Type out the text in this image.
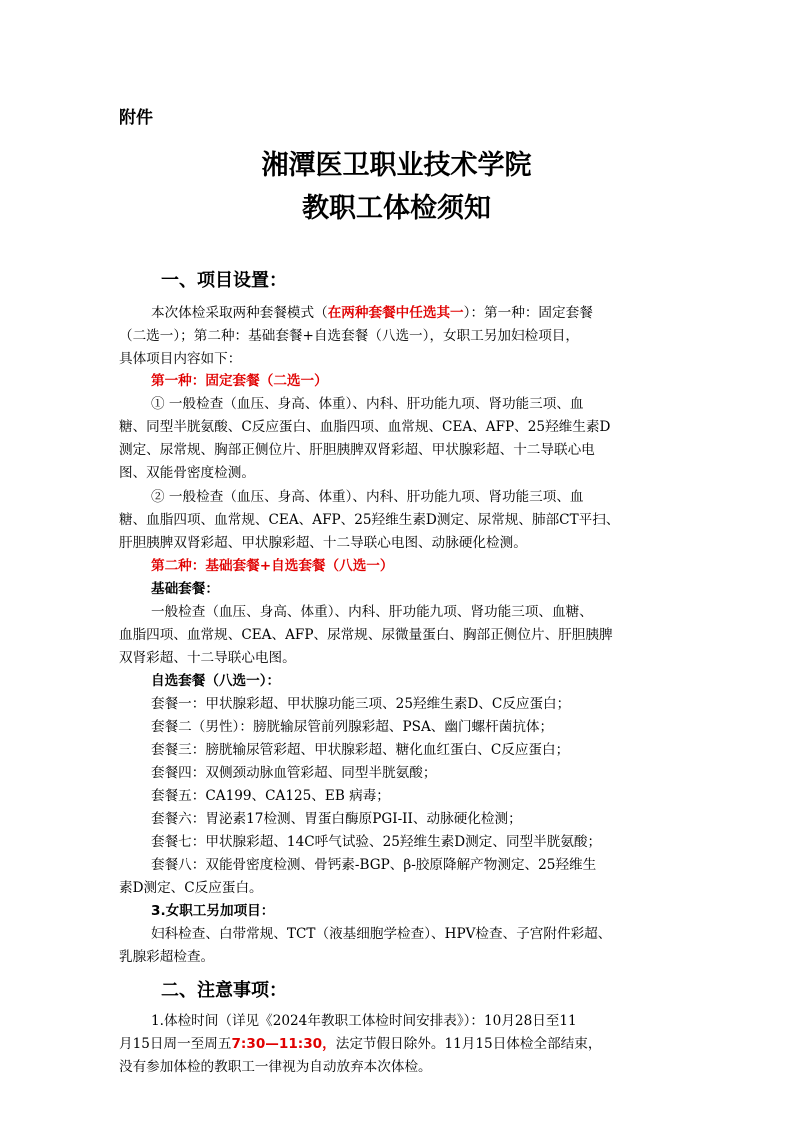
附件
湘潭医卫职业技术学院
教职工体检须知
一、项目设置：
本次体检采取两种套餐模式（在两种套餐中任选其一）：第一种：固定套餐
（二选一）；第二种：基础套餐+自选套餐（八选一），女职工另加妇检项目，
具体项目内容如下：
第一种：固定套餐（二选一）
① 一般检查（血压、身高、体重）、内科、肝功能九项、肾功能三项、血
糖、同型半胱氨酸、C反应蛋白、血脂四项、血常规、CEA、AFP、25羟维生素D
测定、尿常规、胸部正侧位片、肝胆胰脾双肾彩超、甲状腺彩超、十二导联心电
图、双能骨密度检测。
② 一般检查（血压、身高、体重）、内科、肝功能九项、肾功能三项、血
糖、血脂四项、血常规、CEA、AFP、25羟维生素D测定、尿常规、肺部CT平扫、
肝胆胰脾双肾彩超、甲状腺彩超、十二导联心电图、动脉硬化检测。
第二种：基础套餐+自选套餐（八选一）
基础套餐：
一般检查（血压、身高、体重）、内科、肝功能九项、肾功能三项、血糖、
血脂四项、血常规、CEA、AFP、尿常规、尿微量蛋白、胸部正侧位片、肝胆胰脾
双肾彩超、十二导联心电图。
自选套餐（八选一）：
套餐一：甲状腺彩超、甲状腺功能三项、25羟维生素D、C反应蛋白；
套餐二（男性）：膀胱输尿管前列腺彩超、PSA、幽门螺杆菌抗体；
套餐三：膀胱输尿管彩超、甲状腺彩超、糖化血红蛋白、C反应蛋白；
套餐四：双侧颈动脉血管彩超、同型半胱氨酸；
套餐五：CA199、CA125、EB 病毒；
套餐六：胃泌素17检测、胃蛋白酶原PGI-II、动脉硬化检测；
套餐七：甲状腺彩超、14C呼气试验、25羟维生素D测定、同型半胱氨酸；
套餐八：双能骨密度检测、骨钙素-BGP、β-胶原降解产物测定、25羟维生
素D测定、C反应蛋白。
3.女职工另加项目：
妇科检查、白带常规、TCT（液基细胞学检查）、HPV检查、子宫附件彩超、
乳腺彩超检查。
二、注意事项：
1.体检时间（详见《2024年教职工体检时间安排表》）：10月28日至11
月15日周一至周五7:30—11:30，法定节假日除外。11月15日体检全部结束，
没有参加体检的教职工一律视为自动放弃本次体检。
